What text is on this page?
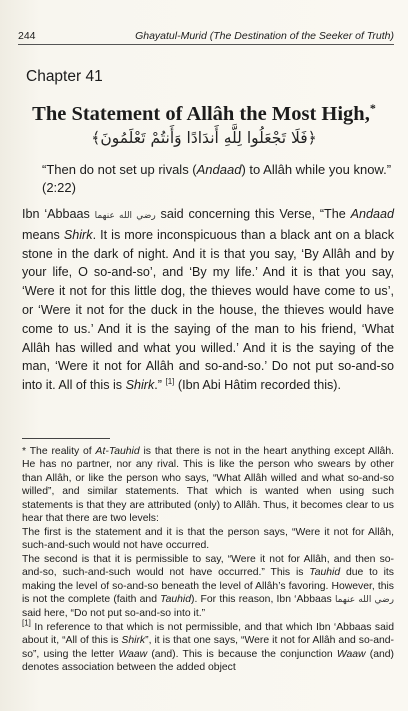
244	Ghayatul-Murid (The Destination of the Seeker of Truth)
Chapter 41
The Statement of Allâh the Most High,*
﴿فَلَا تَجْعَلُوا لِلَّهِ أَندَادًا وَأَنتُمْ تَعْلَمُونَ﴾
“Then do not set up rivals (Andaad) to Allâh while you know.” (2:22)

Ibn ‘Abbaas رضي الله عنهما said concerning this Verse, “The Andaad means Shirk. It is more inconspicuous than a black ant on a black stone in the dark of night. And it is that you say, ‘By Allâh and by your life, O so-and-so’, and ‘By my life.’ And it is that you say, ‘Were it not for this little dog, the thieves would have come to us’, or ‘Were it not for the duck in the house, the thieves would have come to us.’ And it is the saying of the man to his friend, ‘What Allâh has willed and what you willed.’ And it is the saying of the man, ‘Were it not for Allâh and so-and-so.’ Do not put so-and-so into it. All of this is Shirk.” [1] (Ibn Abi Hâtim recorded this).

* The reality of At-Tauhid is that there is not in the heart anything except Allâh. He has no partner, nor any rival. This is like the person who swears by other than Allâh, or like the person who says, “What Allâh willed and what so-and-so willed”, and similar statements. That which is wanted when using such statements is that they are attributed (only) to Allâh. Thus, it becomes clear to us hear that there are two levels:

The first is the statement and it is that the person says, “Were it not for Allâh, such-and-such would not have occurred.

The second is that it is permissible to say, “Were it not for Allâh, and then so-and-so, such-and-such would not have occurred.” This is Tauhid due to its making the level of so-and-so beneath the level of Allâh’s favoring. However, this is not the complete (faith and Tauhid). For this reason, Ibn ‘Abbaas رضي الله عنهما said here, “Do not put so-and-so into it.”

[1] In reference to that which is not permissible, and that which Ibn ‘Abbaas said about it, “All of this is Shirk”, it is that one says, “Were it not for Allâh and so-and-so”, using the letter Waaw (and). This is because the conjunction Waaw (and) denotes association between the added object
